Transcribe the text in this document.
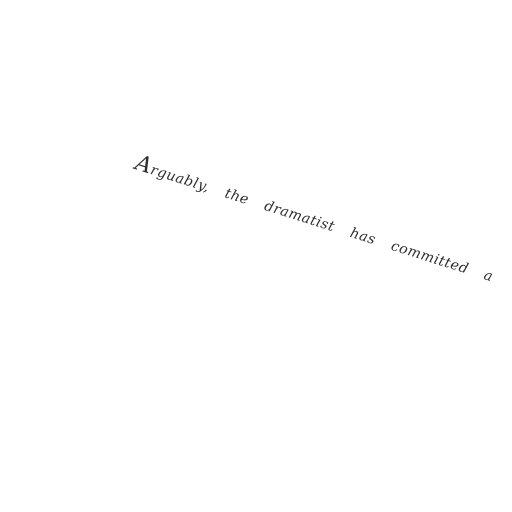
Arguably, the dramatist has committed a
